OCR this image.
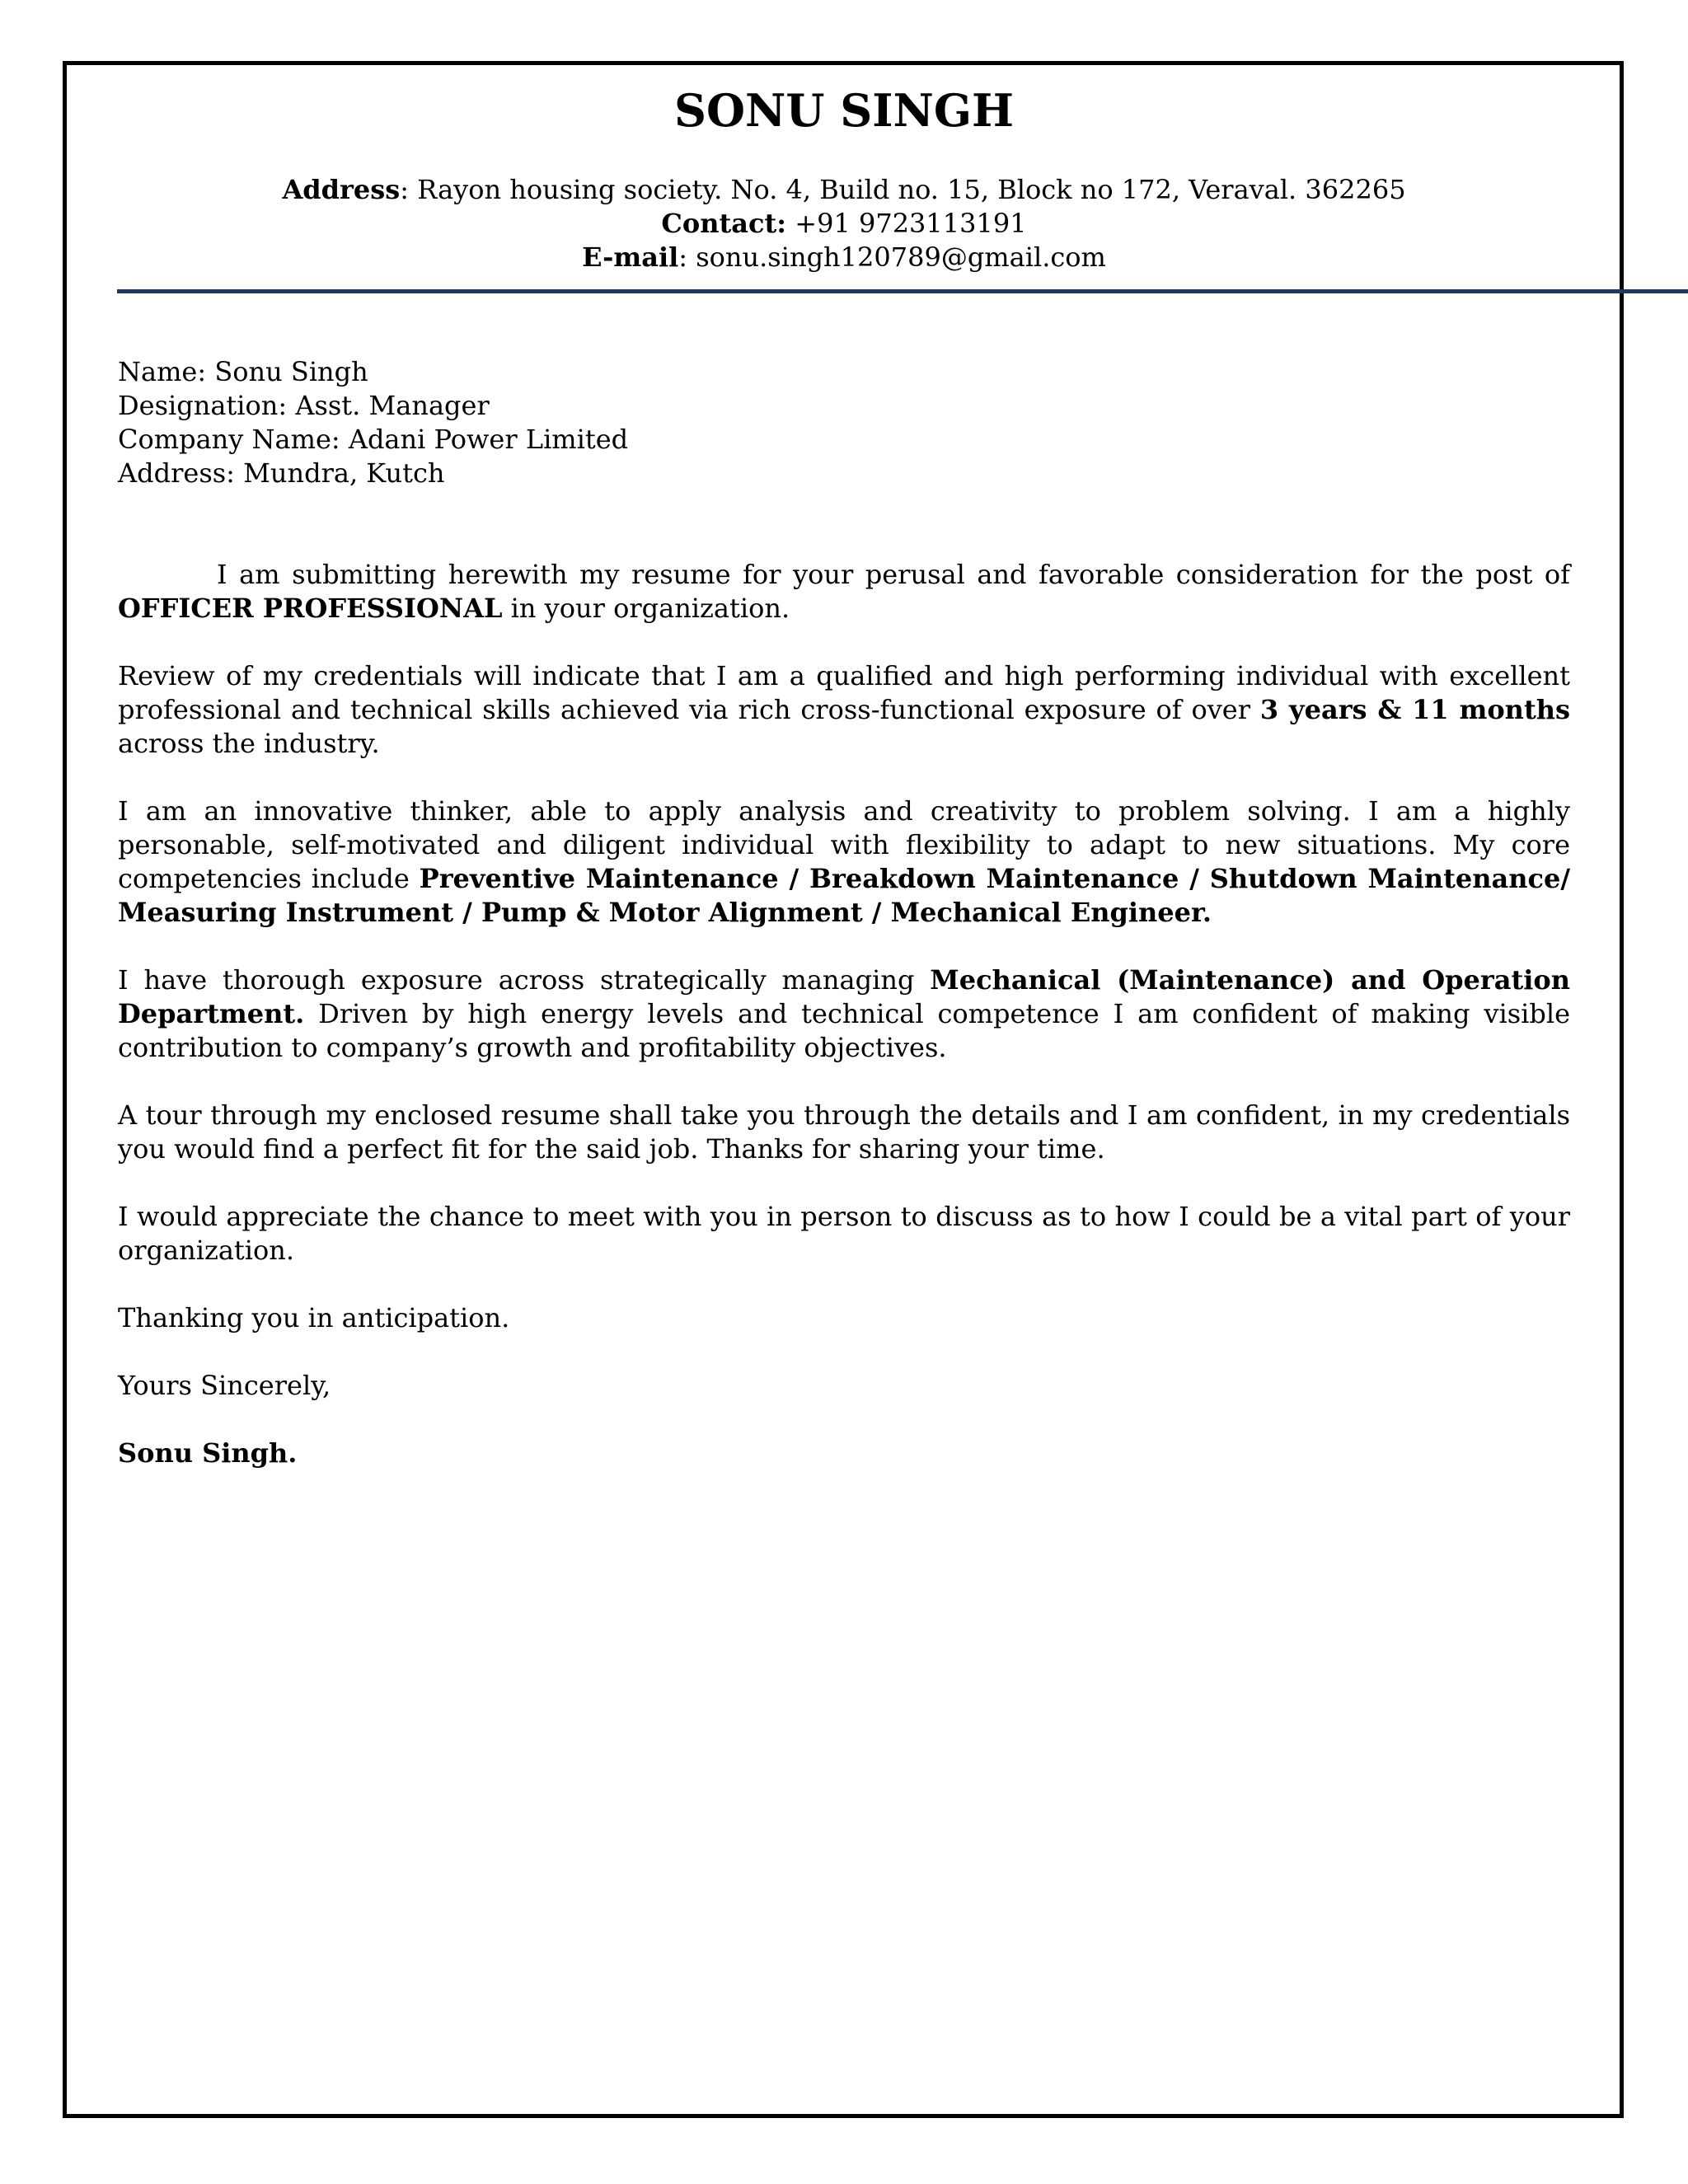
SONU SINGH
Address: Rayon housing society. No. 4, Build no. 15, Block no 172, Veraval. 362265
Contact: +91 9723113191
E-mail: sonu.singh120789@gmail.com
Name: Sonu Singh
Designation: Asst. Manager
Company Name: Adani Power Limited
Address: Mundra, Kutch

I am submitting herewith my resume for your perusal and favorable consideration for the post of OFFICER PROFESSIONAL in your organization.

Review of my credentials will indicate that I am a qualified and high performing individual with excellent professional and technical skills achieved via rich cross-functional exposure of over 3 years & 11 months across the industry.

I am an innovative thinker, able to apply analysis and creativity to problem solving. I am a highly personable, self-motivated and diligent individual with flexibility to adapt to new situations. My core competencies include Preventive Maintenance / Breakdown Maintenance / Shutdown Maintenance/ Measuring Instrument / Pump & Motor Alignment / Mechanical Engineer.

I have thorough exposure across strategically managing Mechanical (Maintenance) and Operation Department. Driven by high energy levels and technical competence I am confident of making visible contribution to company’s growth and profitability objectives.

A tour through my enclosed resume shall take you through the details and I am confident, in my credentials you would find a perfect fit for the said job. Thanks for sharing your time.

I would appreciate the chance to meet with you in person to discuss as to how I could be a vital part of your organization.

Thanking you in anticipation.

Yours Sincerely,

Sonu Singh.
